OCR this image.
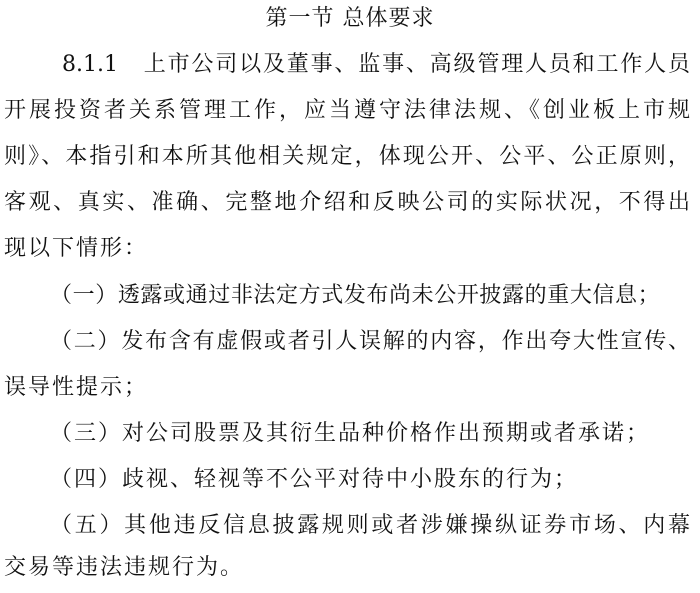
第一节 总体要求
8.1.1 上市公司以及董事、监事、高级管理人员和工作人员
开展投资者关系管理工作，应当遵守法律法规、《创业板上市规
则》、本指引和本所其他相关规定，体现公开、公平、公正原则，
客观、真实、准确、完整地介绍和反映公司的实际状况，不得出
现以下情形：
（一）透露或通过非法定方式发布尚未公开披露的重大信息；
（二）发布含有虚假或者引人误解的内容，作出夸大性宣传、
误导性提示；
（三）对公司股票及其衍生品种价格作出预期或者承诺；
（四）歧视、轻视等不公平对待中小股东的行为；
（五）其他违反信息披露规则或者涉嫌操纵证券市场、内幕
交易等违法违规行为。
